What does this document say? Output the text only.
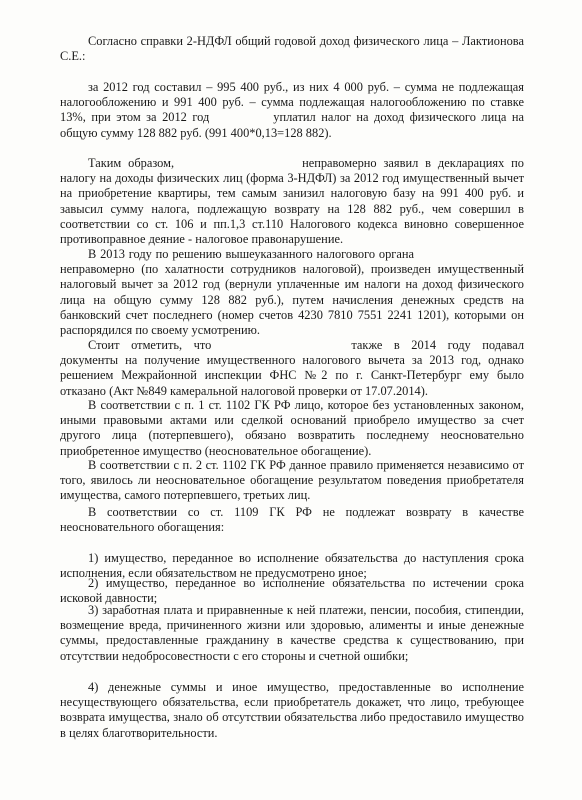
Согласно справки 2-НДФЛ общий годовой доход физического лица – Лактионова С.Е.:

за 2012 год составил – 995 400 руб., из них 4 000 руб. – сумма не подлежащая налогообложению и 991 400 руб. – сумма подлежащая налогообложению по ставке 13%, при этом за 2012 год	уплатил налог на доход физического лица на общую сумму 128 882 руб. (991 400*0,13=128 882).

Таким образом,	неправомерно заявил в декларациях по налогу на доходы физических лиц (форма 3-НДФЛ) за 2012 год имущественный вычет на приобретение квартиры, тем самым занизил налоговую базу на 991 400 руб. и завысил сумму налога, подлежащую возврату на 128 882 руб., чем совершил в соответствии со ст. 106 и пп.1,3 ст.110 Налогового кодекса виновно совершенное противоправное деяние - налоговое правонарушение.

В 2013 году по решению вышеуказанного налогового органанеправомерно (по халатности сотрудников налоговой), произведен имущественный налоговый вычет за 2012 год (вернули уплаченные им налоги на доход физического лица на общую сумму 128 882 руб.), путем начисления денежных средств на банковский счет последнего (номер счетов 4230 7810 7551 2241 1201), которыми он распорядился по своему усмотрению.

Стоит отметить, что	также в 2014 году подавал документы на получение имущественного налогового вычета за 2013 год, однако решением Межрайонной инспекции ФНС №2 по г. Санкт-Петербург ему было отказано (Акт №849 камеральной налоговой проверки от 17.07.2014).

В соответствии с п. 1 ст. 1102 ГК РФ лицо, которое без установленных законом, иными правовыми актами или сделкой оснований приобрело имущество за счет другого лица (потерпевшего), обязано возвратить последнему неосновательно приобретенное имущество (неосновательное обогащение).

В соответствии с п. 2 ст. 1102 ГК РФ данное правило применяется независимо от того, явилось ли неосновательное обогащение результатом поведения приобретателя имущества, самого потерпевшего, третьих лиц.

В соответствии со ст. 1109 ГК РФ не подлежат возврату в качестве неосновательного обогащения:

1) имущество, переданное во исполнение обязательства до наступления срока исполнения, если обязательством не предусмотрено иное;

2) имущество, переданное во исполнение обязательства по истечении срока исковой давности;

3) заработная плата и приравненные к ней платежи, пенсии, пособия, стипендии, возмещение вреда, причиненного жизни или здоровью, алименты и иные денежные суммы, предоставленные гражданину в качестве средства к существованию, при отсутствии недобросовестности с его стороны и счетной ошибки;

4) денежные суммы и иное имущество, предоставленные во исполнение несуществующего обязательства, если приобретатель докажет, что лицо, требующее возврата имущества, знало об отсутствии обязательства либо предоставило имущество в целях благотворительности.
